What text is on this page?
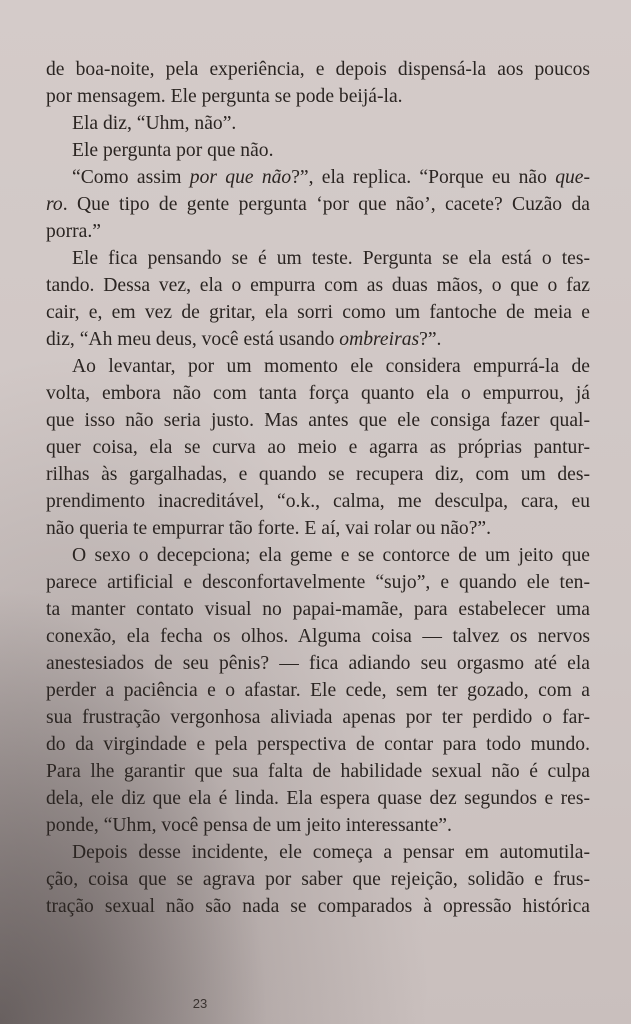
de boa-noite, pela experiência, e depois dispensá-la aos poucos
por mensagem. Ele pergunta se pode beijá-la.
Ela diz, “Uhm, não”.
Ele pergunta por que não.
“Como assim por que não?”, ela replica. “Porque eu não que-
ro. Que tipo de gente pergunta ‘por que não’, cacete? Cuzão da
porra.”
Ele fica pensando se é um teste. Pergunta se ela está o tes-
tando. Dessa vez, ela o empurra com as duas mãos, o que o faz
cair, e, em vez de gritar, ela sorri como um fantoche de meia e
diz, “Ah meu deus, você está usando ombreiras?”.
Ao levantar, por um momento ele considera empurrá-la de
volta, embora não com tanta força quanto ela o empurrou, já
que isso não seria justo. Mas antes que ele consiga fazer qual-
quer coisa, ela se curva ao meio e agarra as próprias pantur-
rilhas às gargalhadas, e quando se recupera diz, com um des-
prendimento inacreditável, “o.k., calma, me desculpa, cara, eu
não queria te empurrar tão forte. E aí, vai rolar ou não?”.
O sexo o decepciona; ela geme e se contorce de um jeito que
parece artificial e desconfortavelmente “sujo”, e quando ele ten-
ta manter contato visual no papai-mamãe, para estabelecer uma
conexão, ela fecha os olhos. Alguma coisa — talvez os nervos
anestesiados de seu pênis? — fica adiando seu orgasmo até ela
perder a paciência e o afastar. Ele cede, sem ter gozado, com a
sua frustração vergonhosa aliviada apenas por ter perdido o far-
do da virgindade e pela perspectiva de contar para todo mundo.
Para lhe garantir que sua falta de habilidade sexual não é culpa
dela, ele diz que ela é linda. Ela espera quase dez segundos e res-
ponde, “Uhm, você pensa de um jeito interessante”.
Depois desse incidente, ele começa a pensar em automutila-
ção, coisa que se agrava por saber que rejeição, solidão e frus-
tração sexual não são nada se comparados à opressão histórica
23
